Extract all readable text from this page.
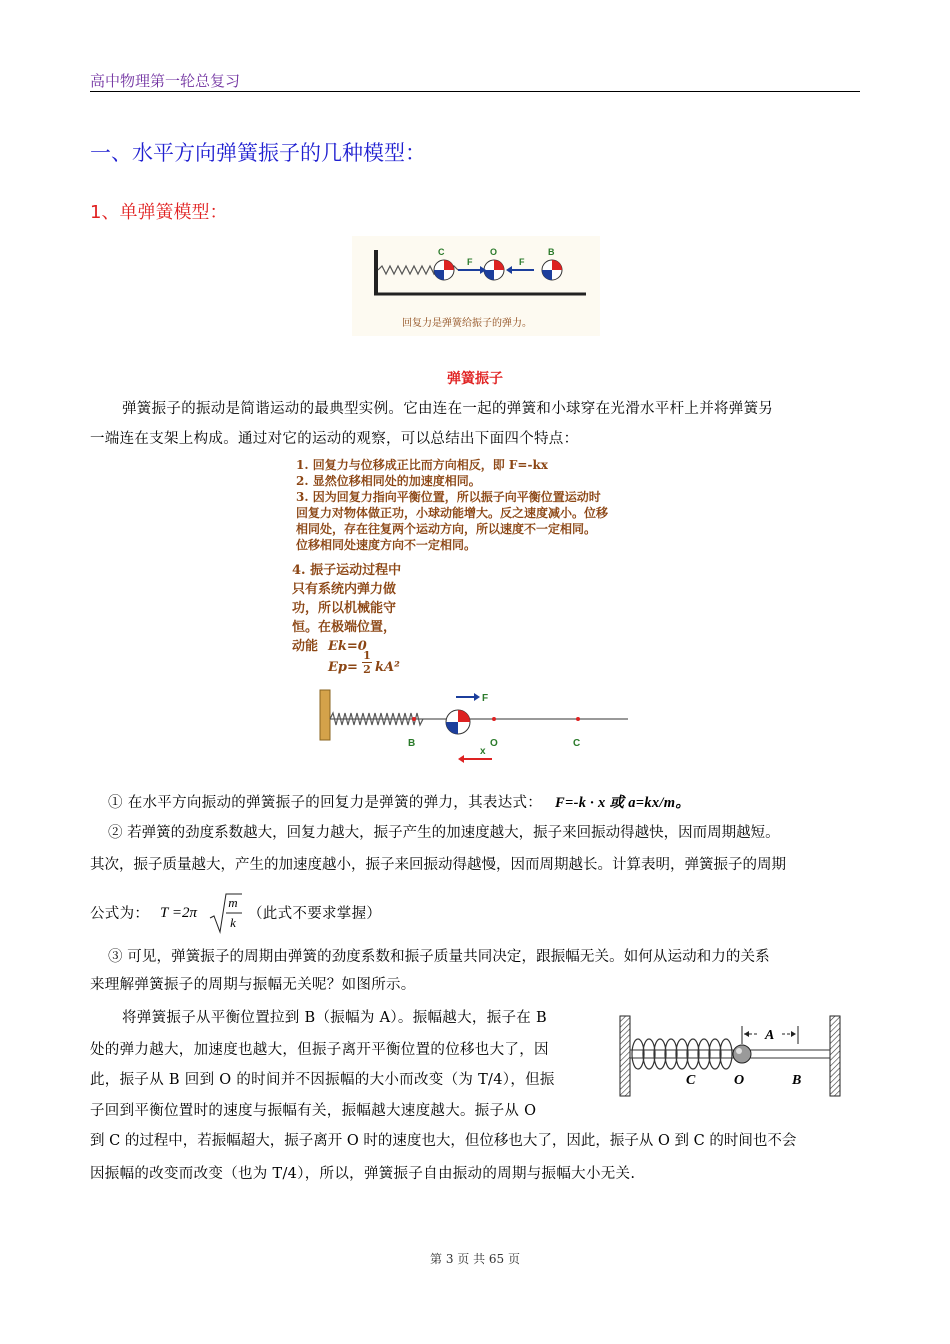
高中物理第一轮总复习
一、水平方向弹簧振子的几种模型：
1、单弹簧模型：
C	O	B
F	F
回复力是弹簧给振子的弹力。
弹簧振子
弹簧振子的振动是简谐运动的最典型实例。它由连在一起的弹簧和小球穿在光滑水平杆上并将弹簧另
一端连在支架上构成。通过对它的运动的观察，可以总结出下面四个特点：
1. 回复力与位移成正比而方向相反，即 F=-kx
2. 显然位移相同处的加速度相同。
3. 因为回复力指向平衡位置，所以振子向平衡位置运动时
回复力对物体做正功，小球动能增大。反之速度减小。位移
相同处，存在往复两个运动方向，所以速度不一定相同。
位移相同处速度方向不一定相同。
4. 振子运动过程中
只有系统内弹力做
功，所以机械能守
恒。在极端位置，
动能 Ek=0
Ep=
1
2 kA²
F
B
x
O	C
① 在水平方向振动的弹簧振子的回复力是弹簧的弹力，其表达式： F=-k · x 或 a=kx/m。
② 若弹簧的劲度系数越大，回复力越大，振子产生的加速度越大，振子来回振动得越快，因而周期越短。
其次，振子质量越大，产生的加速度越小，振子来回振动得越慢，因而周期越长。计算表明，弹簧振子的周期
公式为： T =2π
m
k
（此式不要求掌握）
③ 可见，弹簧振子的周期由弹簧的劲度系数和振子质量共同决定，跟振幅无关。如何从运动和力的关系
来理解弹簧振子的周期与振幅无关呢？如图所示。
将弹簧振子从平衡位置拉到 B（振幅为 A）。振幅越大，振子在 B
处的弹力越大，加速度也越大，但振子离开平衡位置的位移也大了，因
此，振子从 B 回到 O 的时间并不因振幅的大小而改变（为 T/4），但振
子回到平衡位置时的速度与振幅有关，振幅越大速度越大。振子从 O
到 C 的过程中，若振幅超大，振子离开 O 时的速度也大，但位移也大了，因此，振子从 O 到 C 的时间也不会
因振幅的改变而改变（也为 T/4），所以，弹簧振子自由振动的周期与振幅大小无关.
A
C	O	B
第 3 页 共 65 页
